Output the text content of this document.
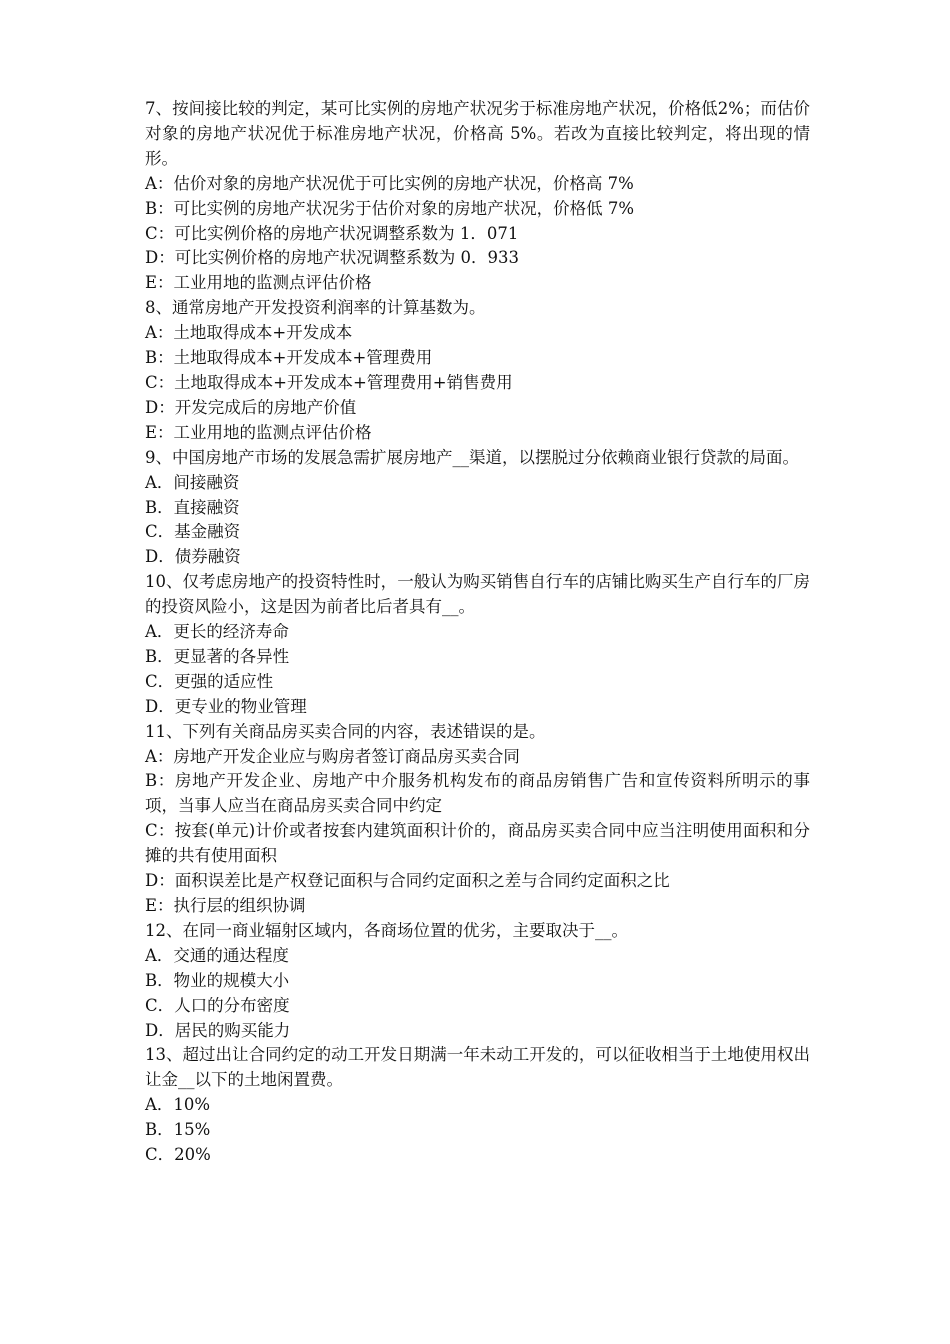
7、按间接比较的判定，某可比实例的房地产状况劣于标准房地产状况，价格低2%；而估价对象的房地产状况优于标准房地产状况，价格高 5%。若改为直接比较判定，将出现的情形。

A：估价对象的房地产状况优于可比实例的房地产状况，价格高 7%

B：可比实例的房地产状况劣于估价对象的房地产状况，价格低 7%

C：可比实例价格的房地产状况调整系数为 1．071

D：可比实例价格的房地产状况调整系数为 0．933

E：工业用地的监测点评估价格

8、通常房地产开发投资利润率的计算基数为。

A：土地取得成本+开发成本

B：土地取得成本+开发成本+管理费用

C：土地取得成本+开发成本+管理费用+销售费用

D：开发完成后的房地产价值

E：工业用地的监测点评估价格

9、中国房地产市场的发展急需扩展房地产__渠道，以摆脱过分依赖商业银行贷款的局面。

A．间接融资

B．直接融资

C．基金融资

D．债券融资

10、仅考虑房地产的投资特性时，一般认为购买销售自行车的店铺比购买生产自行车的厂房的投资风险小，这是因为前者比后者具有__。

A．更长的经济寿命

B．更显著的各异性

C．更强的适应性

D．更专业的物业管理

11、下列有关商品房买卖合同的内容，表述错误的是。

A：房地产开发企业应与购房者签订商品房买卖合同

B：房地产开发企业、房地产中介服务机构发布的商品房销售广告和宣传资料所明示的事项，当事人应当在商品房买卖合同中约定

C：按套(单元)计价或者按套内建筑面积计价的，商品房买卖合同中应当注明使用面积和分摊的共有使用面积

D：面积误差比是产权登记面积与合同约定面积之差与合同约定面积之比

E：执行层的组织协调

12、在同一商业辐射区域内，各商场位置的优劣，主要取决于__。

A．交通的通达程度

B．物业的规模大小

C．人口的分布密度

D．居民的购买能力

13、超过出让合同约定的动工开发日期满一年未动工开发的，可以征收相当于土地使用权出让金__以下的土地闲置费。

A．10%

B．15%

C．20%
